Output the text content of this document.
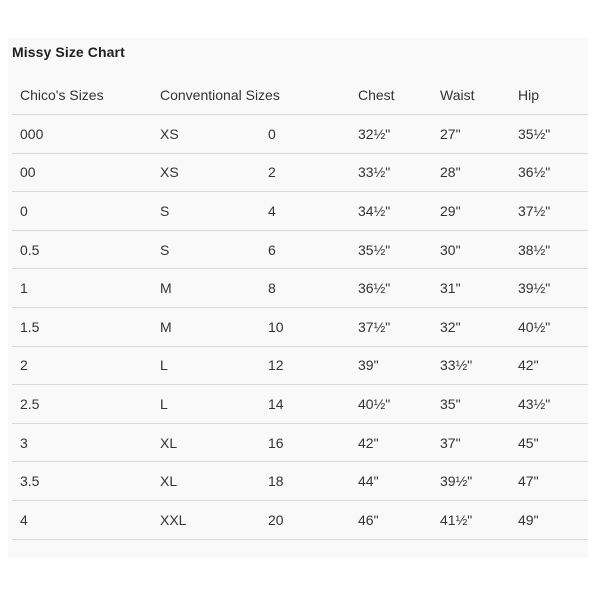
Missy Size Chart
Chico's Sizes	Conventional Sizes	Chest	Waist	Hip
000	XS	0	32½"	27"	35½"
00	XS	2	33½"	28"	36½"
0	S	4	34½"	29"	37½"
0.5	S	6	35½"	30"	38½"
1	M	8	36½"	31"	39½"
1.5	M	10	37½"	32"	40½"
2	L	12	39"	33½"	42"
2.5	L	14	40½"	35"	43½"
3	XL	16	42"	37"	45"
3.5	XL	18	44"	39½"	47"
4	XXL	20	46"	41½"	49"
